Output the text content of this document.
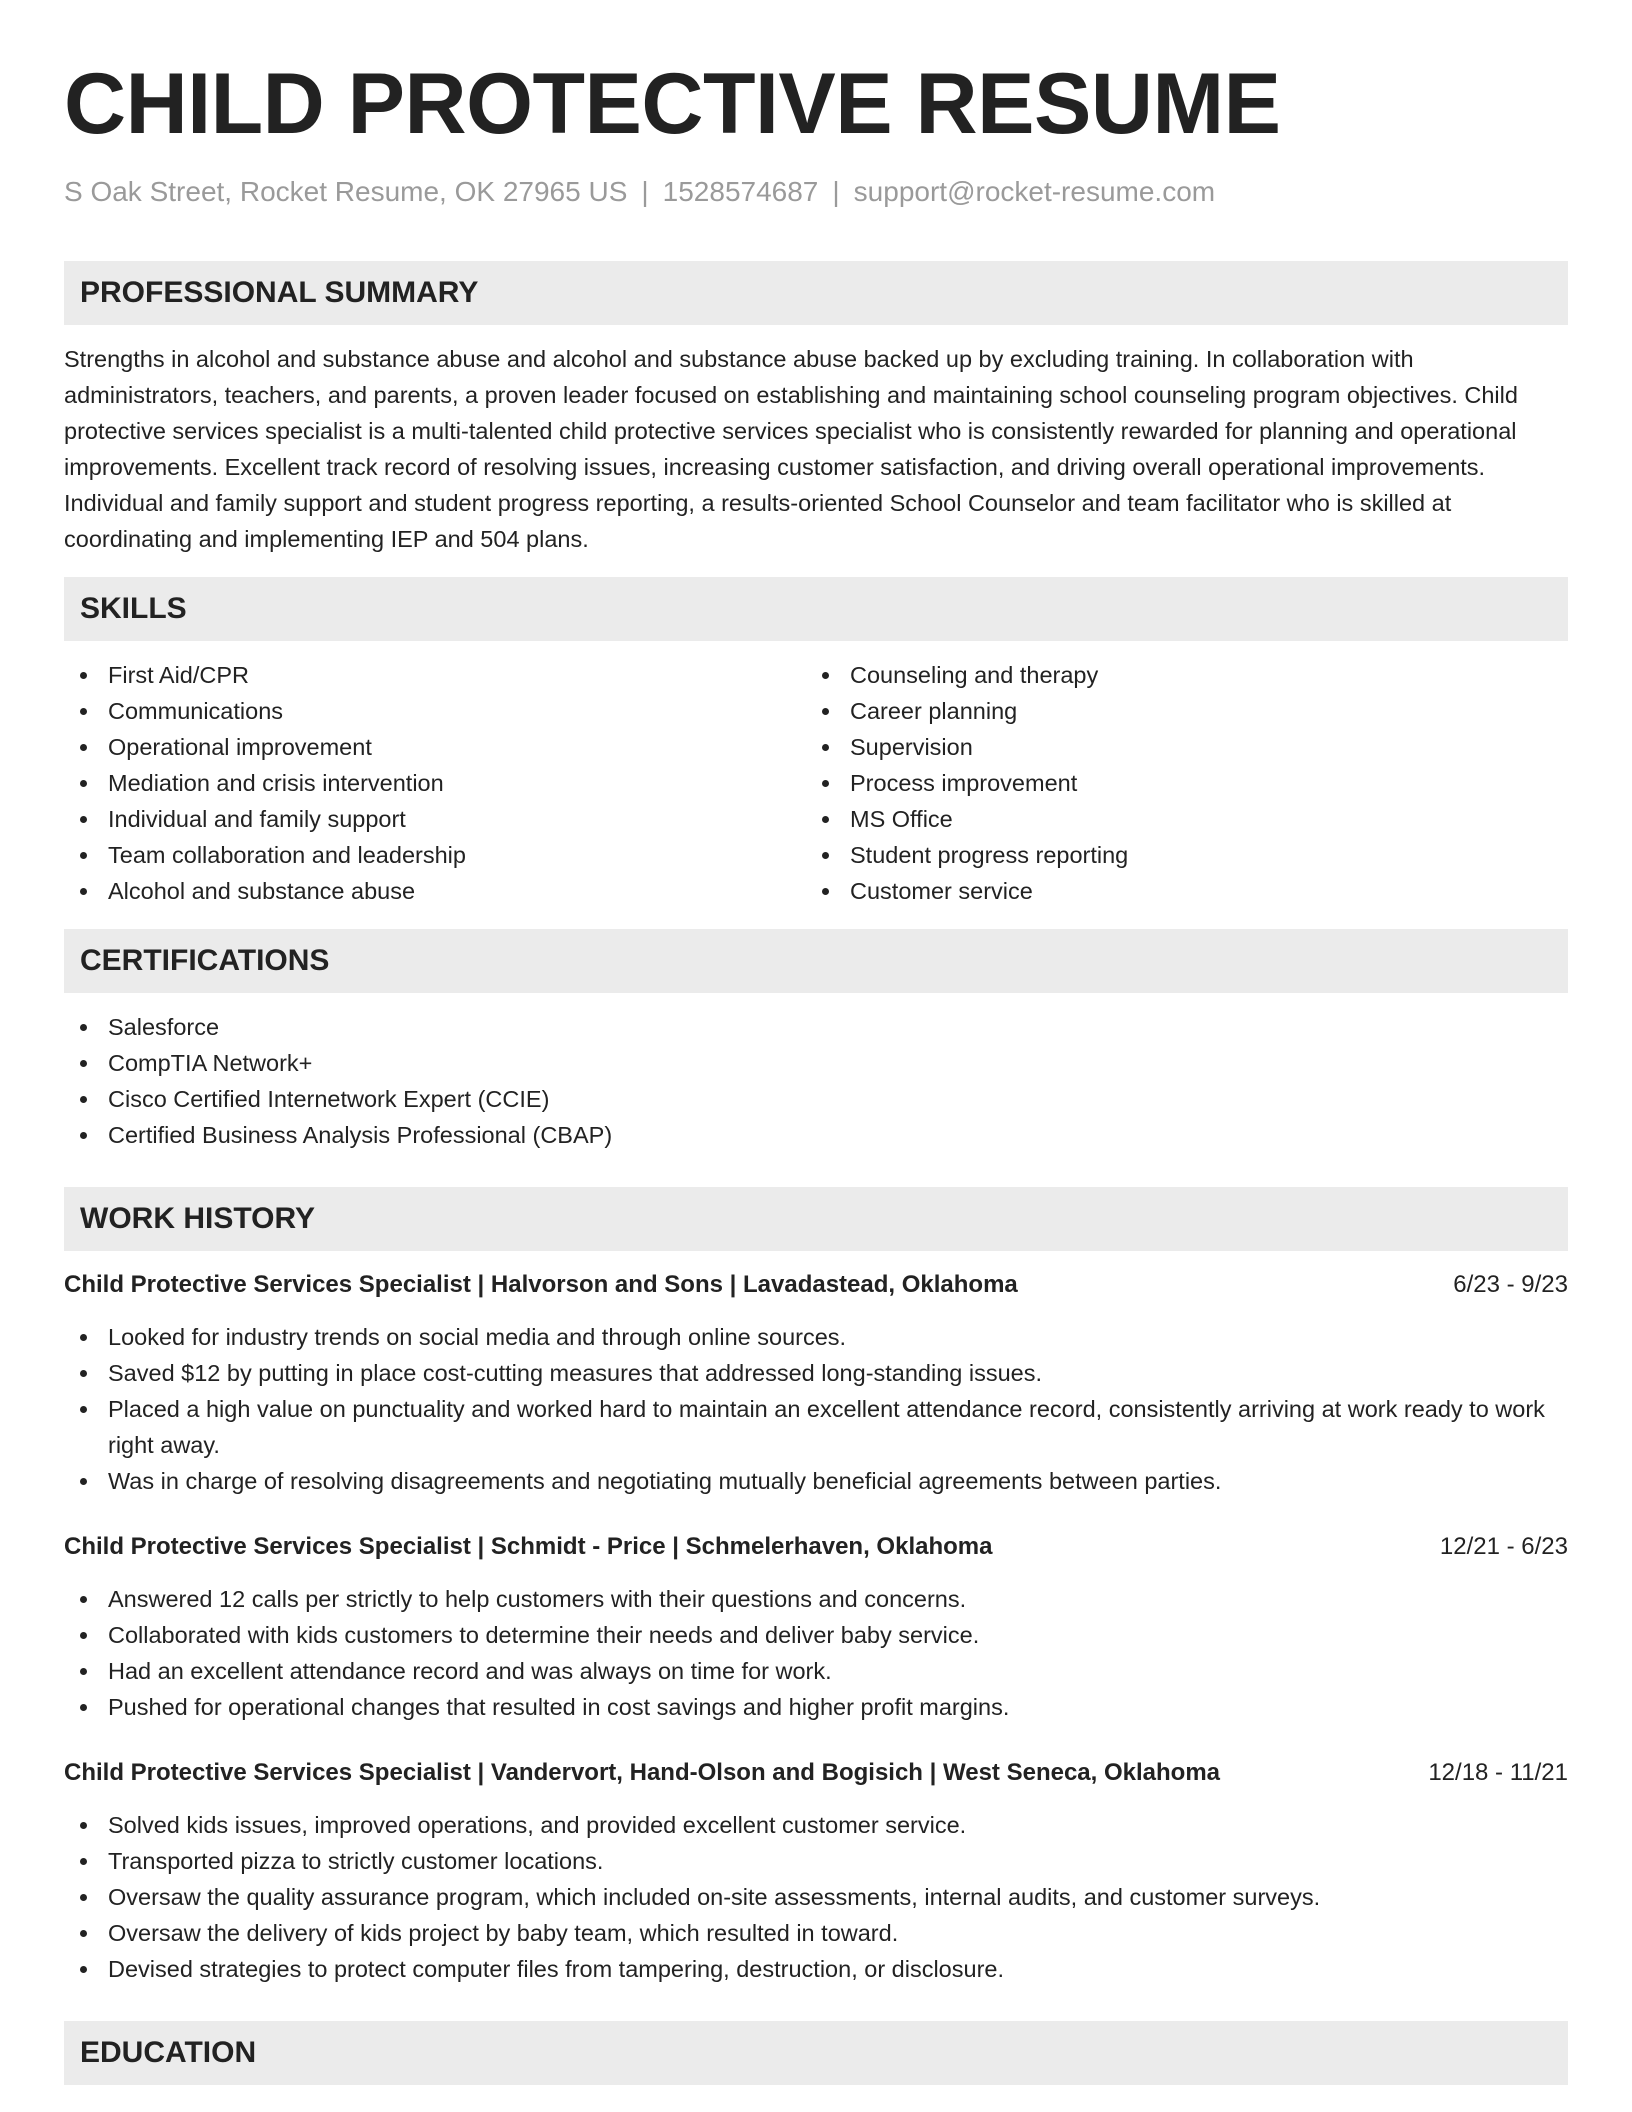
CHILD PROTECTIVE RESUME
S Oak Street, Rocket Resume, OK 27965 US | 1528574687 | support@rocket-resume.com
PROFESSIONAL SUMMARY

Strengths in alcohol and substance abuse and alcohol and substance abuse backed up by excluding training. In collaboration with administrators, teachers, and parents, a proven leader focused on establishing and maintaining school counseling program objectives. Child protective services specialist is a multi-talented child protective services specialist who is consistently rewarded for planning and operational improvements. Excellent track record of resolving issues, increasing customer satisfaction, and driving overall operational improvements. Individual and family support and student progress reporting, a results-oriented School Counselor and team facilitator who is skilled at coordinating and implementing IEP and 504 plans.

SKILLS
First Aid/CPR
Communications
Operational improvement
Mediation and crisis intervention
Individual and family support
Team collaboration and leadership
Alcohol and substance abuse
Counseling and therapy
Career planning
Supervision
Process improvement
MS Office
Student progress reporting
Customer service
CERTIFICATIONS
Salesforce
CompTIA Network+
Cisco Certified Internetwork Expert (CCIE)
Certified Business Analysis Professional (CBAP)
WORK HISTORY
Child Protective Services Specialist | Halvorson and Sons | Lavadastead, Oklahoma	6/23 - 9/23
Looked for industry trends on social media and through online sources.
Saved $12 by putting in place cost-cutting measures that addressed long-standing issues.
Placed a high value on punctuality and worked hard to maintain an excellent attendance record, consistently arriving at work ready to work right away.
Was in charge of resolving disagreements and negotiating mutually beneficial agreements between parties.
Child Protective Services Specialist | Schmidt - Price | Schmelerhaven, Oklahoma	12/21 - 6/23
Answered 12 calls per strictly to help customers with their questions and concerns.
Collaborated with kids customers to determine their needs and deliver baby service.
Had an excellent attendance record and was always on time for work.
Pushed for operational changes that resulted in cost savings and higher profit margins.
Child Protective Services Specialist | Vandervort, Hand-Olson and Bogisich | West Seneca, Oklahoma	12/18 - 11/21
Solved kids issues, improved operations, and provided excellent customer service.
Transported pizza to strictly customer locations.
Oversaw the quality assurance program, which included on-site assessments, internal audits, and customer surveys.
Oversaw the delivery of kids project by baby team, which resulted in toward.
Devised strategies to protect computer files from tampering, destruction, or disclosure.
EDUCATION
